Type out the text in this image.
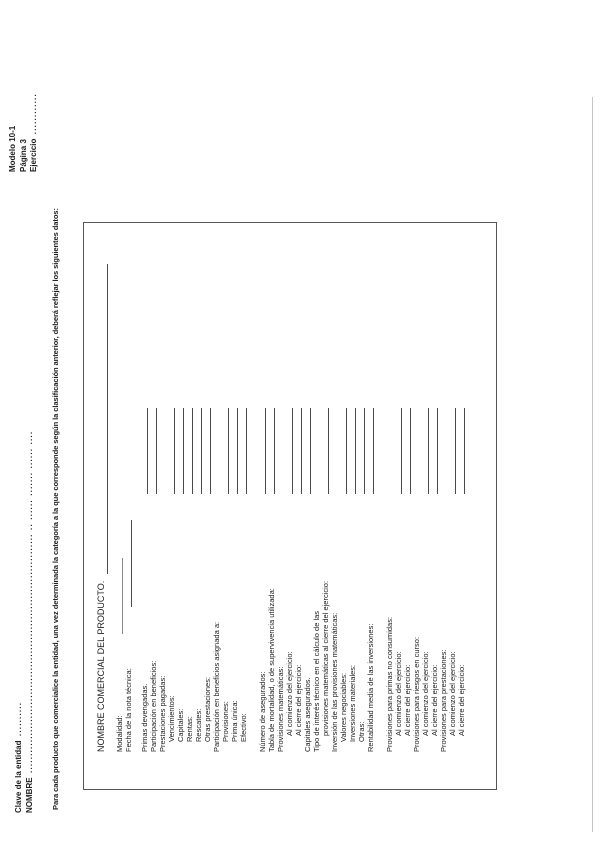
Clave de la entidad  ..........
NOMBRE  ...................................................................... .. ...... ....... ...... ....
Modelo 10-1 Página 3 Ejercicio  ............
Para cada producto que comercialice la entidad, una vez determinada la categoría a la que corresponde según la clasificación anterior, deberá reflejar los siguientes datos:	NOMBRE COMERCIAL DEL PRODUCTO.	Modalidad: Fecha de la nota técnica: Primas devengadas. Participación en beneficios: Prestaciones pagadas: Vencimientos: Capitales: Rentas: Rescates: Otras prestaciones: Participación en beneficios asignada a: Provisiones: Prima única: Efectivo: Número de asegurados: Tabla de mortalidad, o de supervivencia utilizada: Provisiones matemáticas: Al comienzo del ejercicio: Al cierre del ejercicio: Capitales asegurados. Tipo de interés técnico en el cálculo de las provisiones matemáticas al cierre del ejercicio: Inversión de las provisiones matemáticas: Valores negociables: Inversiones materiales: Otras: Rentabilidad media de las inversiones: Provisiones para primas no consumidas: Al comienzo del ejercicio: Al cierre del ejercicio: Provisiones para riesgos en curso: Al comienzo del ejercicio: Al cierre del ejercicio: Provisiones para prestaciones: Al comienzo del ejercicio: Al cierre del ejercicio:
